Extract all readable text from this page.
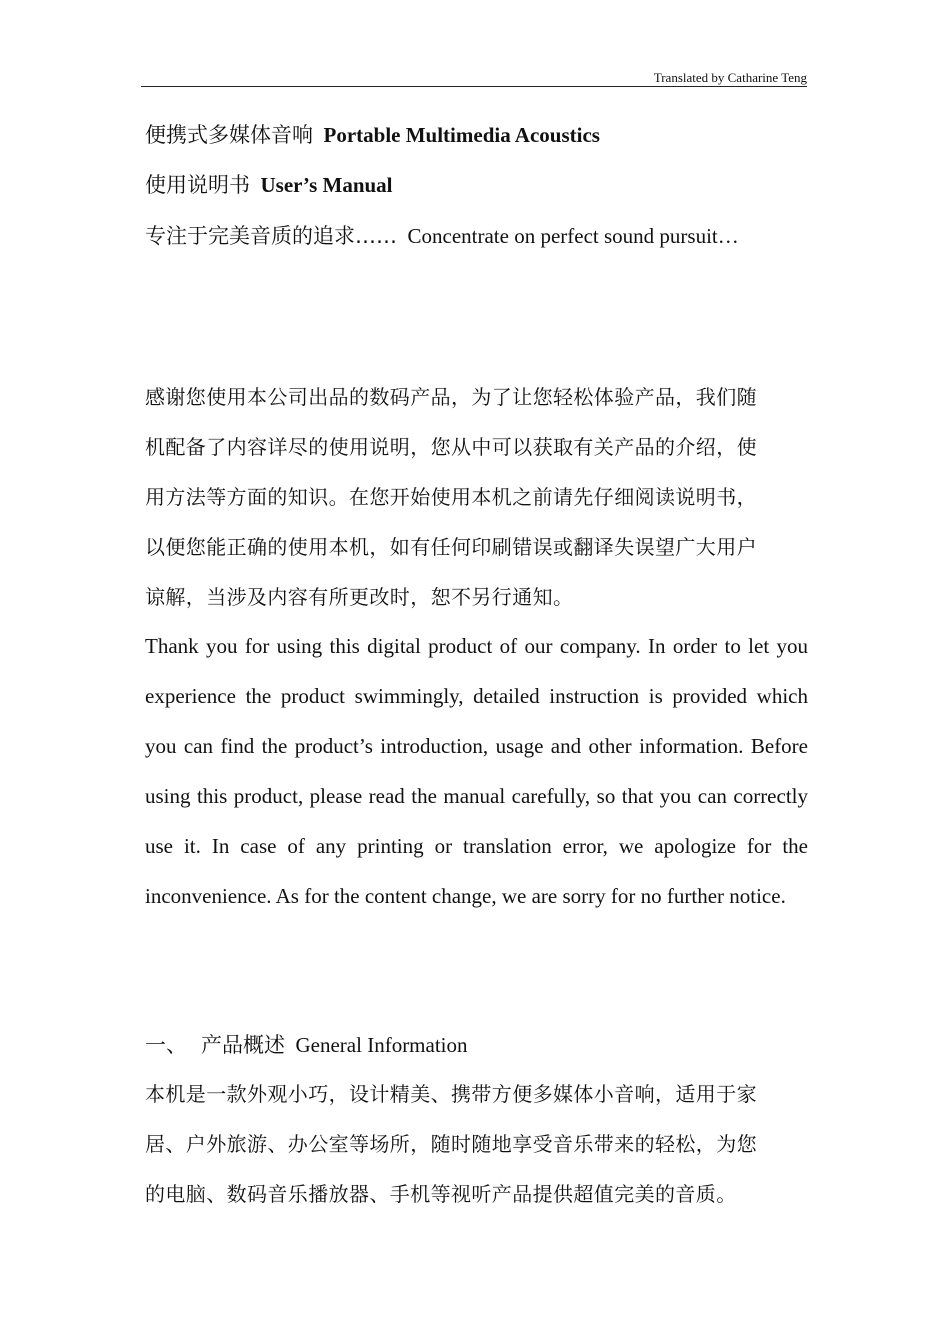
Translated by Catharine Teng
便携式多媒体音响 Portable Multimedia Acoustics
使用说明书 User’s Manual
专注于完美音质的追求…… Concentrate on perfect sound pursuit…
感谢您使用本公司出品的数码产品，为了让您轻松体验产品，我们随
机配备了内容详尽的使用说明，您从中可以获取有关产品的介绍，使
用方法等方面的知识。在您开始使用本机之前请先仔细阅读说明书，
以便您能正确的使用本机，如有任何印刷错误或翻译失误望广大用户
谅解，当涉及内容有所更改时，恕不另行通知。
Thank you for using this digital product of our company. In order to let you experience the product swimmingly, detailed instruction is provided which you can find the product’s introduction, usage and other information. Before using this product, please read the manual carefully, so that you can correctly use it. In case of any printing or translation error, we apologize for the inconvenience. As for the content change, we are sorry for no further notice.
一、 产品概述 General Information
本机是一款外观小巧，设计精美、携带方便多媒体小音响，适用于家
居、户外旅游、办公室等场所，随时随地享受音乐带来的轻松，为您
的电脑、数码音乐播放器、手机等视听产品提供超值完美的音质。
